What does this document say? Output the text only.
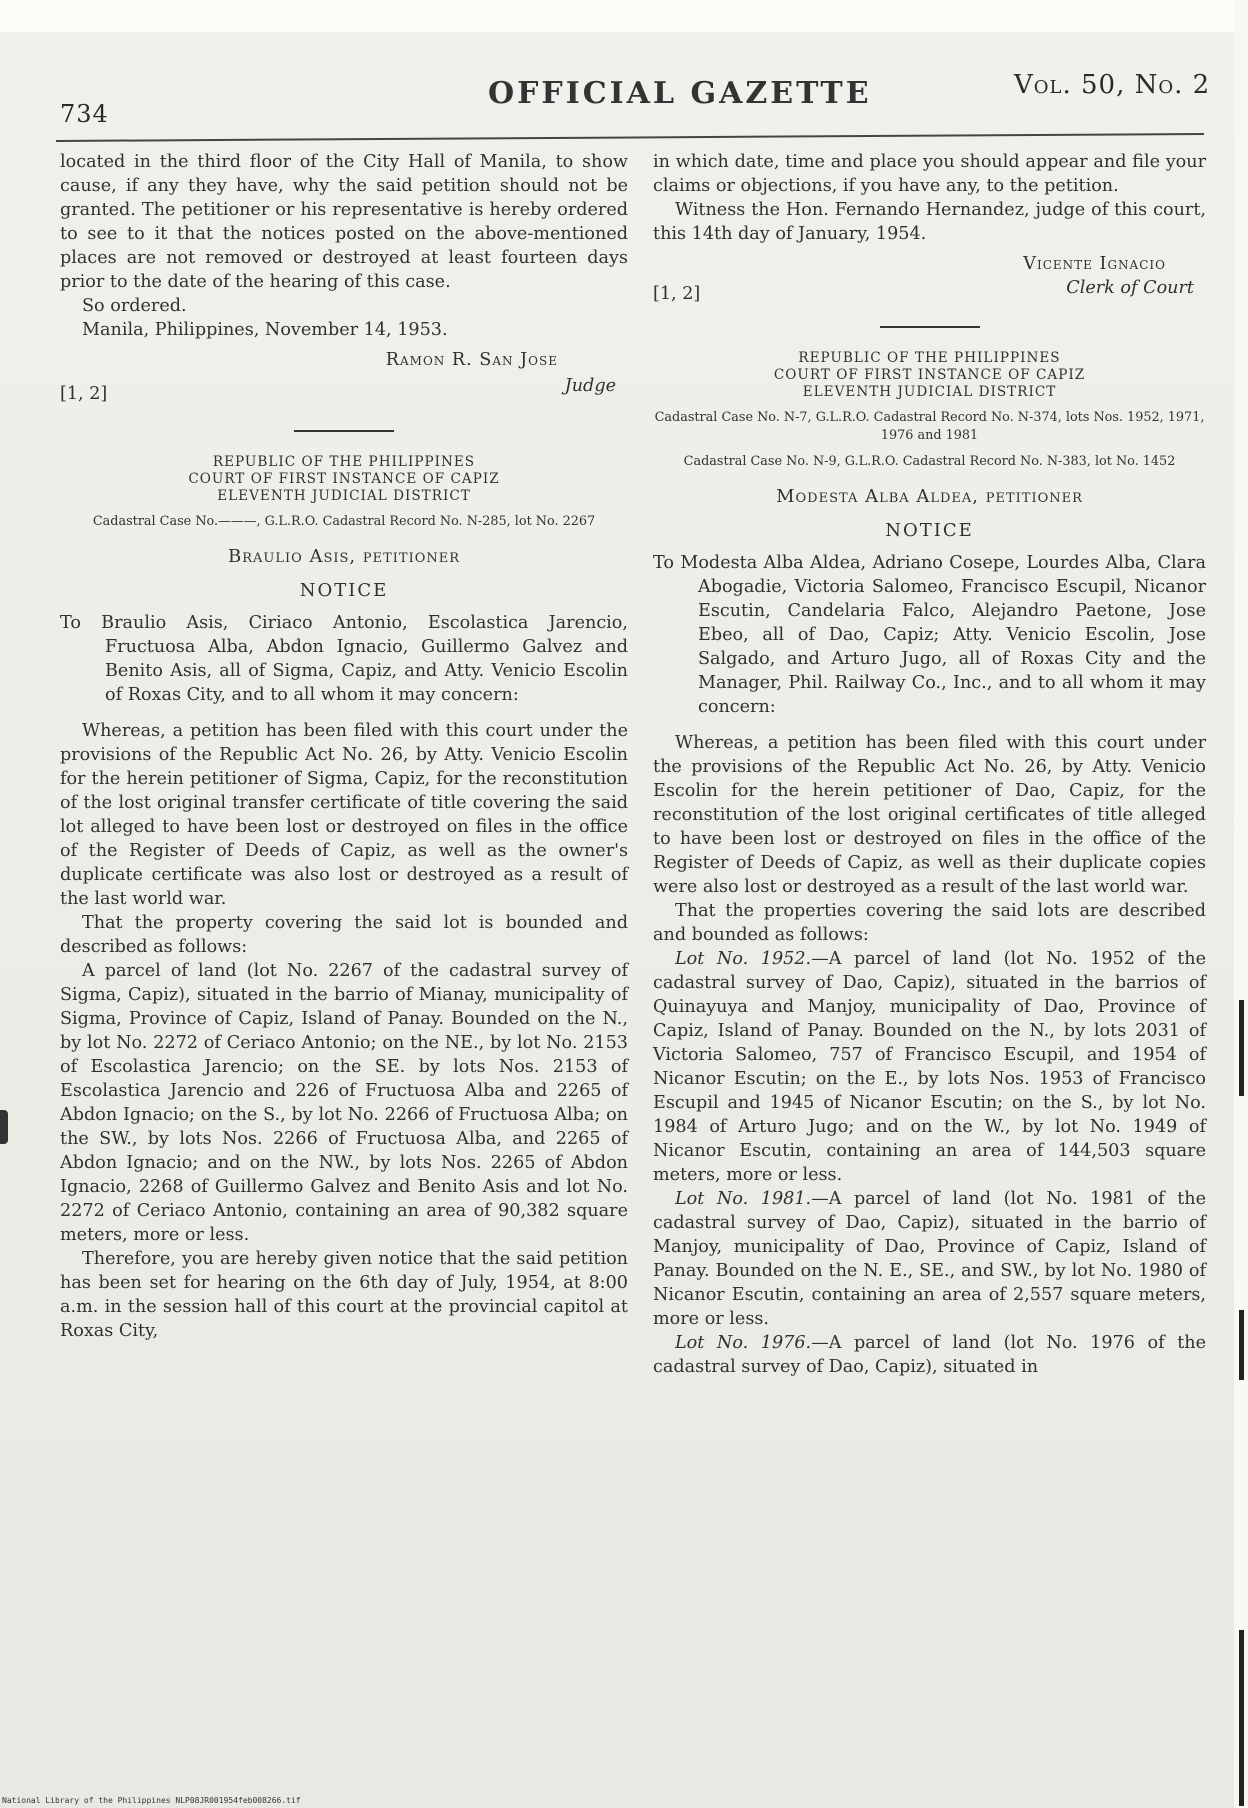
734
OFFICIAL GAZETTE	Vol. 50, No. 2

located in the third floor of the City Hall of Manila, to show cause, if any they have, why the said petition should not be granted. The petitioner or his representative is hereby ordered to see to it that the notices posted on the above-mentioned places are not removed or destroyed at least fourteen days prior to the date of the hearing of this case.

So ordered.

Manila, Philippines, November 14, 1953.

Ramon R. San Jose
Judge
[1, 2]
REPUBLIC OF THE PHILIPPINES
COURT OF FIRST INSTANCE OF CAPIZ
ELEVENTH JUDICIAL DISTRICT
Cadastral Case No.———, G.L.R.O. Cadastral Record No. N-285, lot No. 2267
Braulio Asis, petitioner
NOTICE

To Braulio Asis, Ciriaco Antonio, Escolastica Jarencio, Fructuosa Alba, Abdon Ignacio, Guillermo Galvez and Benito Asis, all of Sigma, Capiz, and Atty. Venicio Escolin of Roxas City, and to all whom it may concern:

Whereas, a petition has been filed with this court under the provisions of the Republic Act No. 26, by Atty. Venicio Escolin for the herein petitioner of Sigma, Capiz, for the reconstitution of the lost original transfer certificate of title covering the said lot alleged to have been lost or destroyed on files in the office of the Register of Deeds of Capiz, as well as the owner's duplicate certificate was also lost or destroyed as a result of the last world war.

That the property covering the said lot is bounded and described as follows:

A parcel of land (lot No. 2267 of the cadastral survey of Sigma, Capiz), situated in the barrio of Mianay, municipality of Sigma, Province of Capiz, Island of Panay. Bounded on the N., by lot No. 2272 of Ceriaco Antonio; on the NE., by lot No. 2153 of Escolastica Jarencio; on the SE. by lots Nos. 2153 of Escolastica Jarencio and 226 of Fructuosa Alba and 2265 of Abdon Ignacio; on the S., by lot No. 2266 of Fructuosa Alba; on the SW., by lots Nos. 2266 of Fructuosa Alba, and 2265 of Abdon Ignacio; and on the NW., by lots Nos. 2265 of Abdon Ignacio, 2268 of Guillermo Galvez and Benito Asis and lot No. 2272 of Ceriaco Antonio, containing an area of 90,382 square meters, more or less.

Therefore, you are hereby given notice that the said petition has been set for hearing on the 6th day of July, 1954, at 8:00 a.m. in the session hall of this court at the provincial capitol at Roxas City,

in which date, time and place you should appear and file your claims or objections, if you have any, to the petition.

Witness the Hon. Fernando Hernandez, judge of this court, this 14th day of January, 1954.

Vicente Ignacio
Clerk of Court
[1, 2]
REPUBLIC OF THE PHILIPPINES
COURT OF FIRST INSTANCE OF CAPIZ
ELEVENTH JUDICIAL DISTRICT
Cadastral Case No. N-7, G.L.R.O. Cadastral Record No. N-374, lots Nos. 1952, 1971, 1976 and 1981
Cadastral Case No. N-9, G.L.R.O. Cadastral Record No. N-383, lot No. 1452
Modesta Alba Aldea, petitioner
NOTICE

To Modesta Alba Aldea, Adriano Cosepe, Lourdes Alba, Clara Abogadie, Victoria Salomeo, Francisco Escupil, Nicanor Escutin, Candelaria Falco, Alejandro Paetone, Jose Ebeo, all of Dao, Capiz; Atty. Venicio Escolin, Jose Salgado, and Arturo Jugo, all of Roxas City and the Manager, Phil. Railway Co., Inc., and to all whom it may concern:

Whereas, a petition has been filed with this court under the provisions of the Republic Act No. 26, by Atty. Venicio Escolin for the herein petitioner of Dao, Capiz, for the reconstitution of the lost original certificates of title alleged to have been lost or destroyed on files in the office of the Register of Deeds of Capiz, as well as their duplicate copies were also lost or destroyed as a result of the last world war.

That the properties covering the said lots are described and bounded as follows:

Lot No. 1952.—A parcel of land (lot No. 1952 of the cadastral survey of Dao, Capiz), situated in the barrios of Quinayuya and Manjoy, municipality of Dao, Province of Capiz, Island of Panay. Bounded on the N., by lots 2031 of Victoria Salomeo, 757 of Francisco Escupil, and 1954 of Nicanor Escutin; on the E., by lots Nos. 1953 of Francisco Escupil and 1945 of Nicanor Escutin; on the S., by lot No. 1984 of Arturo Jugo; and on the W., by lot No. 1949 of Nicanor Escutin, containing an area of 144,503 square meters, more or less.

Lot No. 1981.—A parcel of land (lot No. 1981 of the cadastral survey of Dao, Capiz), situated in the barrio of Manjoy, municipality of Dao, Province of Capiz, Island of Panay. Bounded on the N. E., SE., and SW., by lot No. 1980 of Nicanor Escutin, containing an area of 2,557 square meters, more or less.

Lot No. 1976.—A parcel of land (lot No. 1976 of the cadastral survey of Dao, Capiz), situated in

National Library of the Philippines NLP08JR001954feb008266.tif
